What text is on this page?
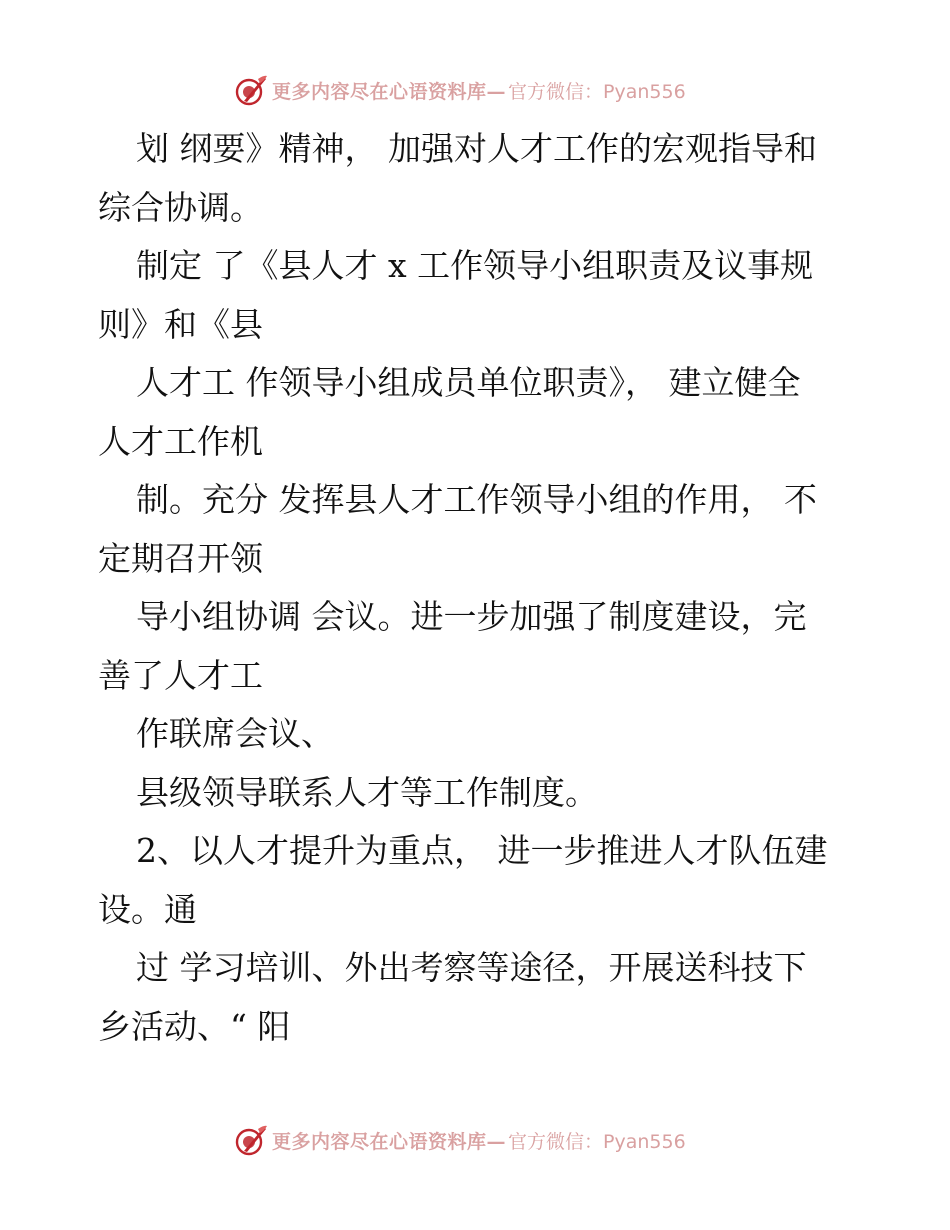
更多内容尽在心语资料库— 官方微信：Pyan556
划 纲要》精神， 加强对人才工作的宏观指导和
综合协调。
制定 了《县人才 x 工作领导小组职责及议事规
则》和《县
人才工 作领导小组成员单位职责》， 建立健全
人才工作机
制。充分 发挥县人才工作领导小组的作用， 不
定期召开领
导小组协调 会议。进一步加强了制度建设，完
善了人才工
作联席会议、
县级领导联系人才等工作制度。
2、以人才提升为重点， 进一步推进人才队伍建
设。通
过 学习培训、外出考察等途径，开展送科技下
乡活动、“ 阳
更多内容尽在心语资料库— 官方微信：Pyan556
